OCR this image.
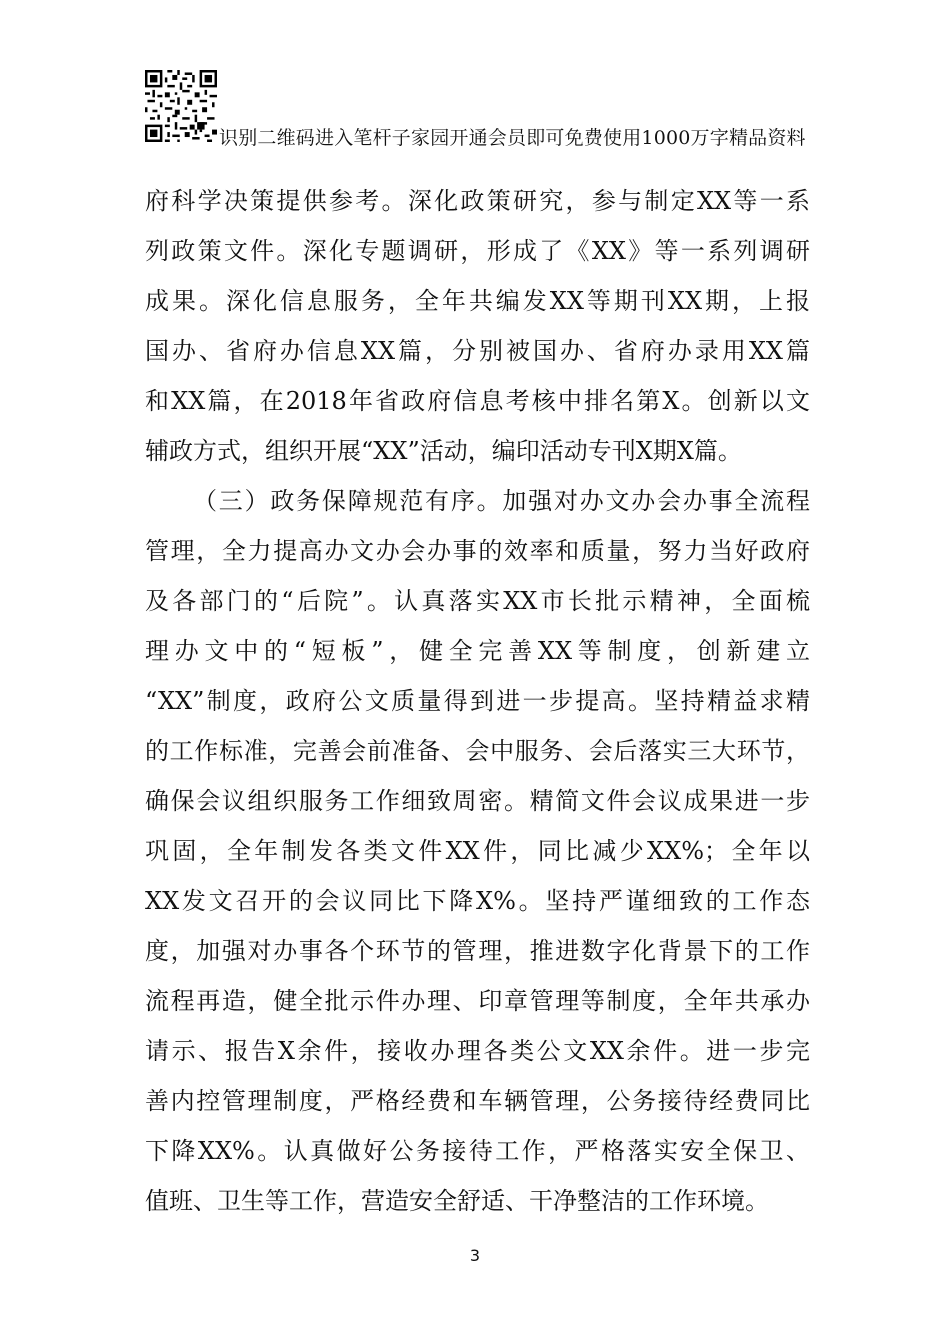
识别二维码进入笔杆子家园开通会员即可免费使用1000万字精品资料
府科学决策提供参考。深化政策研究，参与制定XX等一系
列政策文件。深化专题调研，形成了《XX》等一系列调研
成果。深化信息服务，全年共编发XX等期刊XX期，上报
国办、省府办信息XX篇，分别被国办、省府办录用XX篇
和XX篇，在2018年省政府信息考核中排名第X。创新以文
辅政方式，组织开展“XX”活动，编印活动专刊X期X篇。
（三）政务保障规范有序。加强对办文办会办事全流程
管理，全力提高办文办会办事的效率和质量，努力当好政府
及各部门的“后院”。认真落实XX市长批示精神，全面梳
理办文中的“短板”，健全完善XX等制度，创新建立
“XX”制度，政府公文质量得到进一步提高。坚持精益求精
的工作标准，完善会前准备、会中服务、会后落实三大环节，
确保会议组织服务工作细致周密。精简文件会议成果进一步
巩固，全年制发各类文件XX件，同比减少XX%；全年以
XX发文召开的会议同比下降X%。坚持严谨细致的工作态
度，加强对办事各个环节的管理，推进数字化背景下的工作
流程再造，健全批示件办理、印章管理等制度，全年共承办
请示、报告X余件，接收办理各类公文XX余件。进一步完
善内控管理制度，严格经费和车辆管理，公务接待经费同比
下降XX%。认真做好公务接待工作，严格落实安全保卫、
值班、卫生等工作，营造安全舒适、干净整洁的工作环境。
3
